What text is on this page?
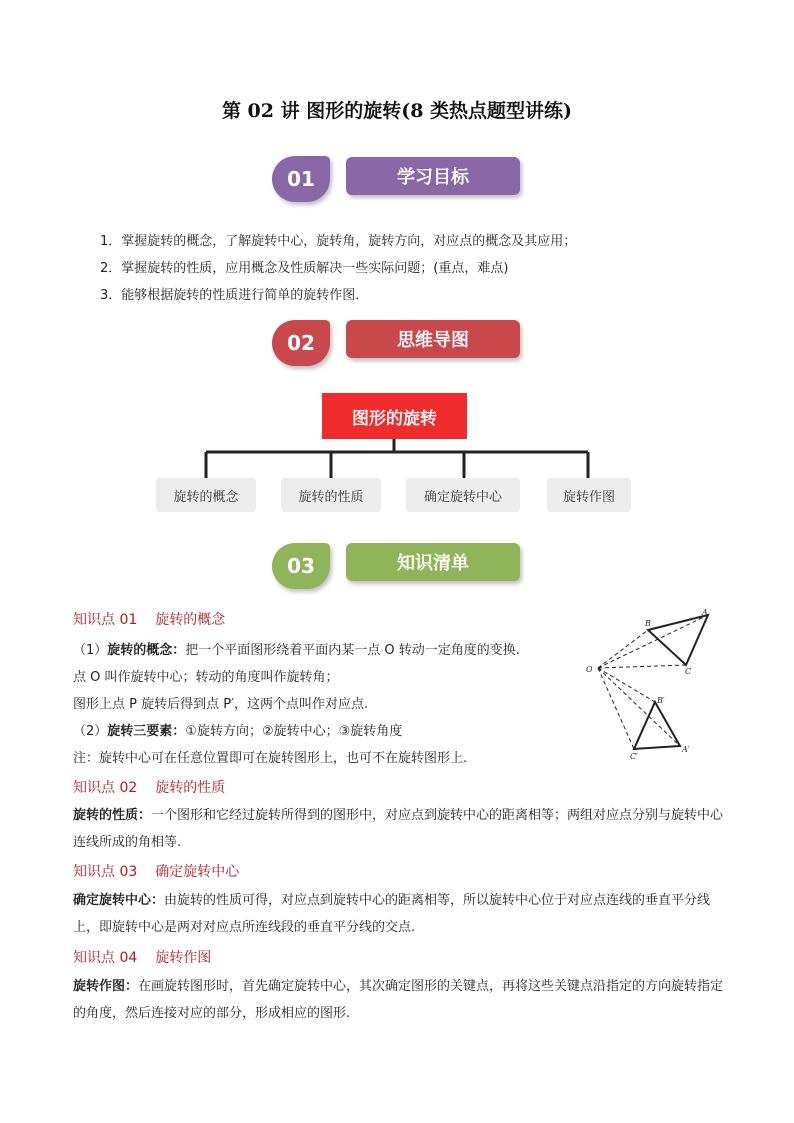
第 02 讲 图形的旋转(8 类热点题型讲练)
01	学习目标
1．掌握旋转的概念，了解旋转中心，旋转角，旋转方向，对应点的概念及其应用；
2．掌握旋转的性质，应用概念及性质解决一些实际问题；(重点，难点)
3．能够根据旋转的性质进行简单的旋转作图．
02	思维导图
图形的旋转
旋转的概念	旋转的性质	确定旋转中心	旋转作图
03	知识清单
知识点 01 旋转的概念
（1）旋转的概念：把一个平面图形绕着平面内某一点 O 转动一定角度的变换.
点 O 叫作旋转中心；转动的角度叫作旋转角；
图形上点 P 旋转后得到点 P′，这两个点叫作对应点.
（2）旋转三要素：①旋转方向；②旋转中心；③旋转角度
注：旋转中心可在任意位置即可在旋转图形上，也可不在旋转图形上.
O
A
B
C
A′
B′
C′
知识点 02 旋转的性质
旋转的性质：一个图形和它经过旋转所得到的图形中，对应点到旋转中心的距离相等；两组对应点分别与旋转中心连线所成的角相等.
知识点 03 确定旋转中心
确定旋转中心：由旋转的性质可得，对应点到旋转中心的距离相等，所以旋转中心位于对应点连线的垂直平分线上，即旋转中心是两对对应点所连线段的垂直平分线的交点.
知识点 04 旋转作图
旋转作图：在画旋转图形时，首先确定旋转中心，其次确定图形的关键点，再将这些关键点沿指定的方向旋转指定的角度，然后连接对应的部分，形成相应的图形.
